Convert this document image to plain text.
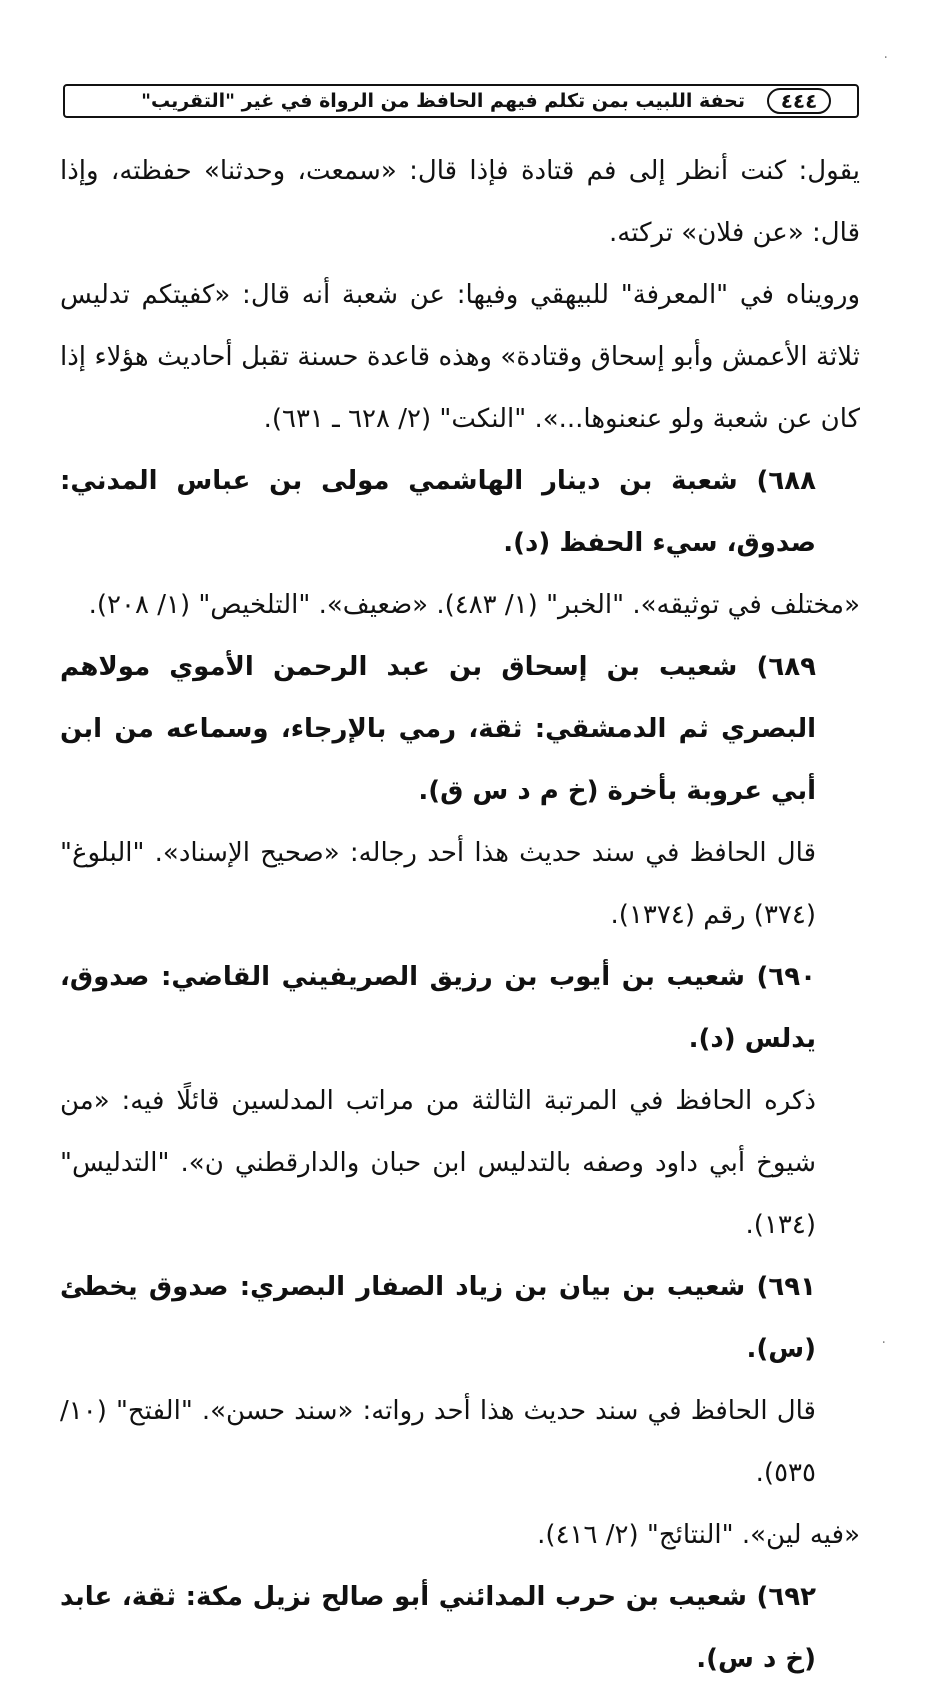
٤٤٤
تحفة اللبيب بمن تكلم فيهم الحافظ من الرواة في غير "التقريب"

يقول: كنت أنظر إلى فم قتادة فإذا قال: «سمعت، وحدثنا» حفظته، وإذا قال: «عن فلان» تركته.

ورويناه في "المعرفة" للبيهقي وفيها: عن شعبة أنه قال: «كفيتكم تدليس ثلاثة الأعمش وأبو إسحاق وقتادة» وهذه قاعدة حسنة تقبل أحاديث هؤلاء إذا كان عن شعبة ولو عنعنوها...». "النكت" (٢/ ٦٢٨ ـ ٦٣١).

٦٨٨) شعبة بن دينار الهاشمي مولى بن عباس المدني: صدوق، سيء الحفظ (د).

«مختلف في توثيقه». "الخبر" (١/ ٤٨٣). «ضعيف». "التلخيص" (١/ ٢٠٨).

٦٨٩) شعيب بن إسحاق بن عبد الرحمن الأموي مولاهم البصري ثم الدمشقي: ثقة، رمي بالإرجاء، وسماعه من ابن أبي عروبة بأخرة (خ م د س ق).

قال الحافظ في سند حديث هذا أحد رجاله: «صحيح الإسناد». "البلوغ" (٣٧٤) رقم (١٣٧٤).

٦٩٠) شعيب بن أيوب بن رزيق الصريفيني القاضي: صدوق، يدلس (د).

ذكره الحافظ في المرتبة الثالثة من مراتب المدلسين قائلًا فيه: «من شيوخ أبي داود وصفه بالتدليس ابن حبان والدارقطني ن». "التدليس" (١٣٤).

٦٩١) شعيب بن بيان بن زياد الصفار البصري: صدوق يخطئ (س).

قال الحافظ في سند حديث هذا أحد رواته: «سند حسن». "الفتح" (١٠/ ٥٣٥).

«فيه لين». "النتائج" (٢/ ٤١٦).

٦٩٢) شعيب بن حرب المدائني أبو صالح نزيل مكة: ثقة، عابد (خ د س).

·
·
